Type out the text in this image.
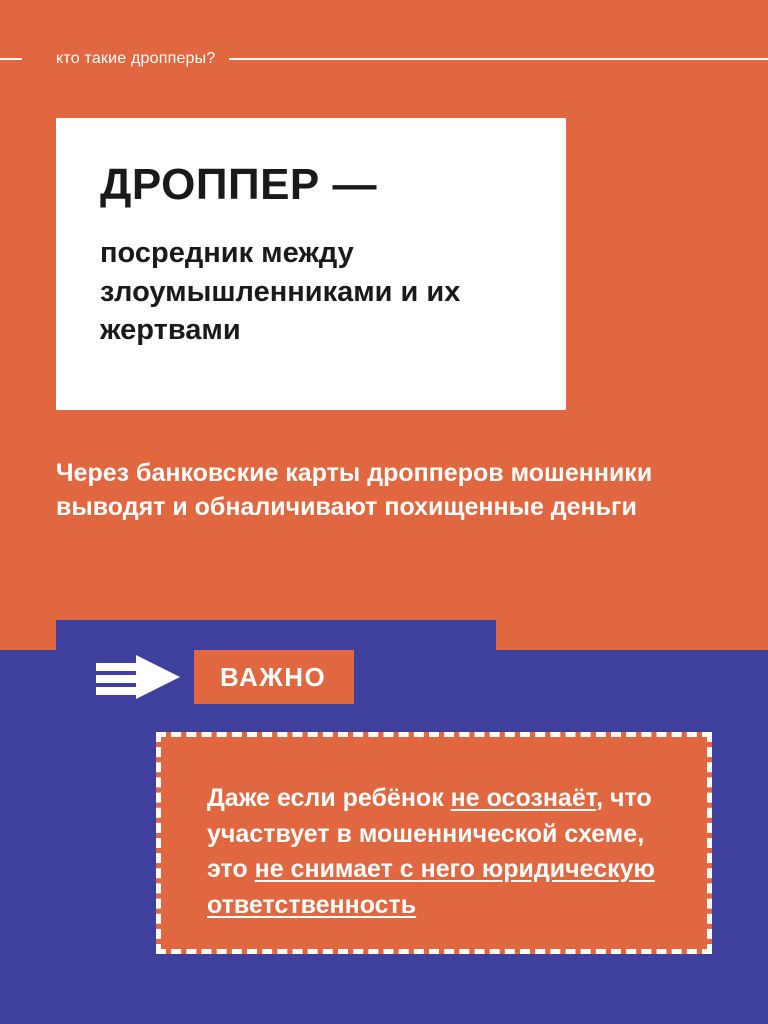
кто такие дропперы?
ДРОППЕР —
посредник между злоумышленниками и их жертвами
Через банковские карты дропперов мошенники выводят и обналичивают похищенные деньги
ВАЖНО

Даже если ребёнок не осознаёт, что участвует в мошеннической схеме, это не снимает с него юридическую ответственность
